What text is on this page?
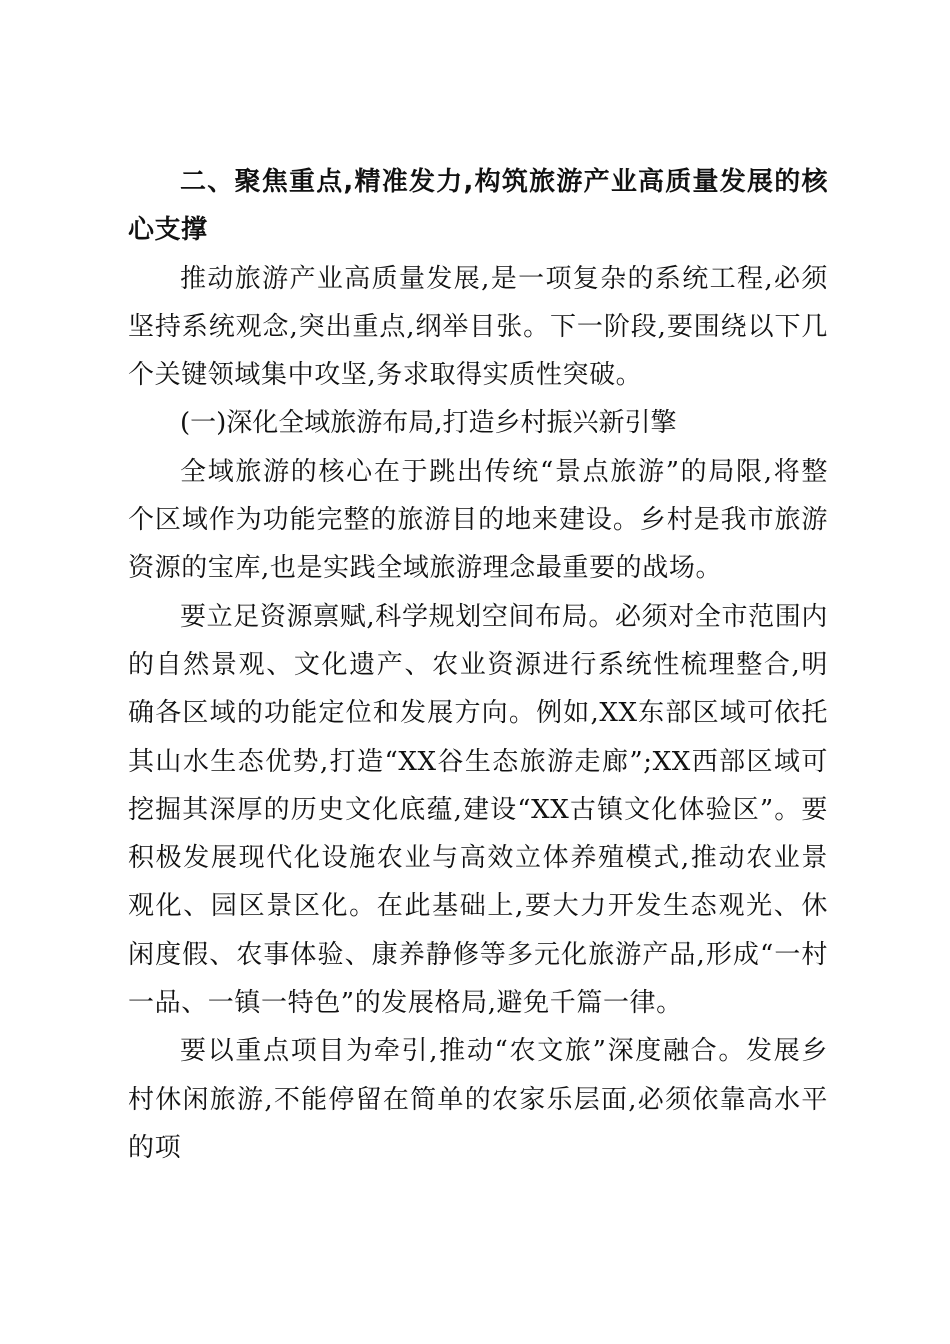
二、聚焦重点,精准发力,构筑旅游产业高质量发展的核心支撑

推动旅游产业高质量发展,是一项复杂的系统工程,必须坚持系统观念,突出重点,纲举目张。下一阶段,要围绕以下几个关键领域集中攻坚,务求取得实质性突破。

(一)深化全域旅游布局,打造乡村振兴新引擎

全域旅游的核心在于跳出传统“景点旅游”的局限,将整个区域作为功能完整的旅游目的地来建设。乡村是我市旅游资源的宝库,也是实践全域旅游理念最重要的战场。

要立足资源禀赋,科学规划空间布局。必须对全市范围内的自然景观、文化遗产、农业资源进行系统性梳理整合,明确各区域的功能定位和发展方向。例如,XX东部区域可依托其山水生态优势,打造“XX谷生态旅游走廊”;XX西部区域可挖掘其深厚的历史文化底蕴,建设“XX古镇文化体验区”。要积极发展现代化设施农业与高效立体养殖模式,推动农业景观化、园区景区化。在此基础上,要大力开发生态观光、休闲度假、农事体验、康养静修等多元化旅游产品,形成“一村一品、一镇一特色”的发展格局,避免千篇一律。

要以重点项目为牵引,推动“农文旅”深度融合。发展乡村休闲旅游,不能停留在简单的农家乐层面,必须依靠高水平的项
